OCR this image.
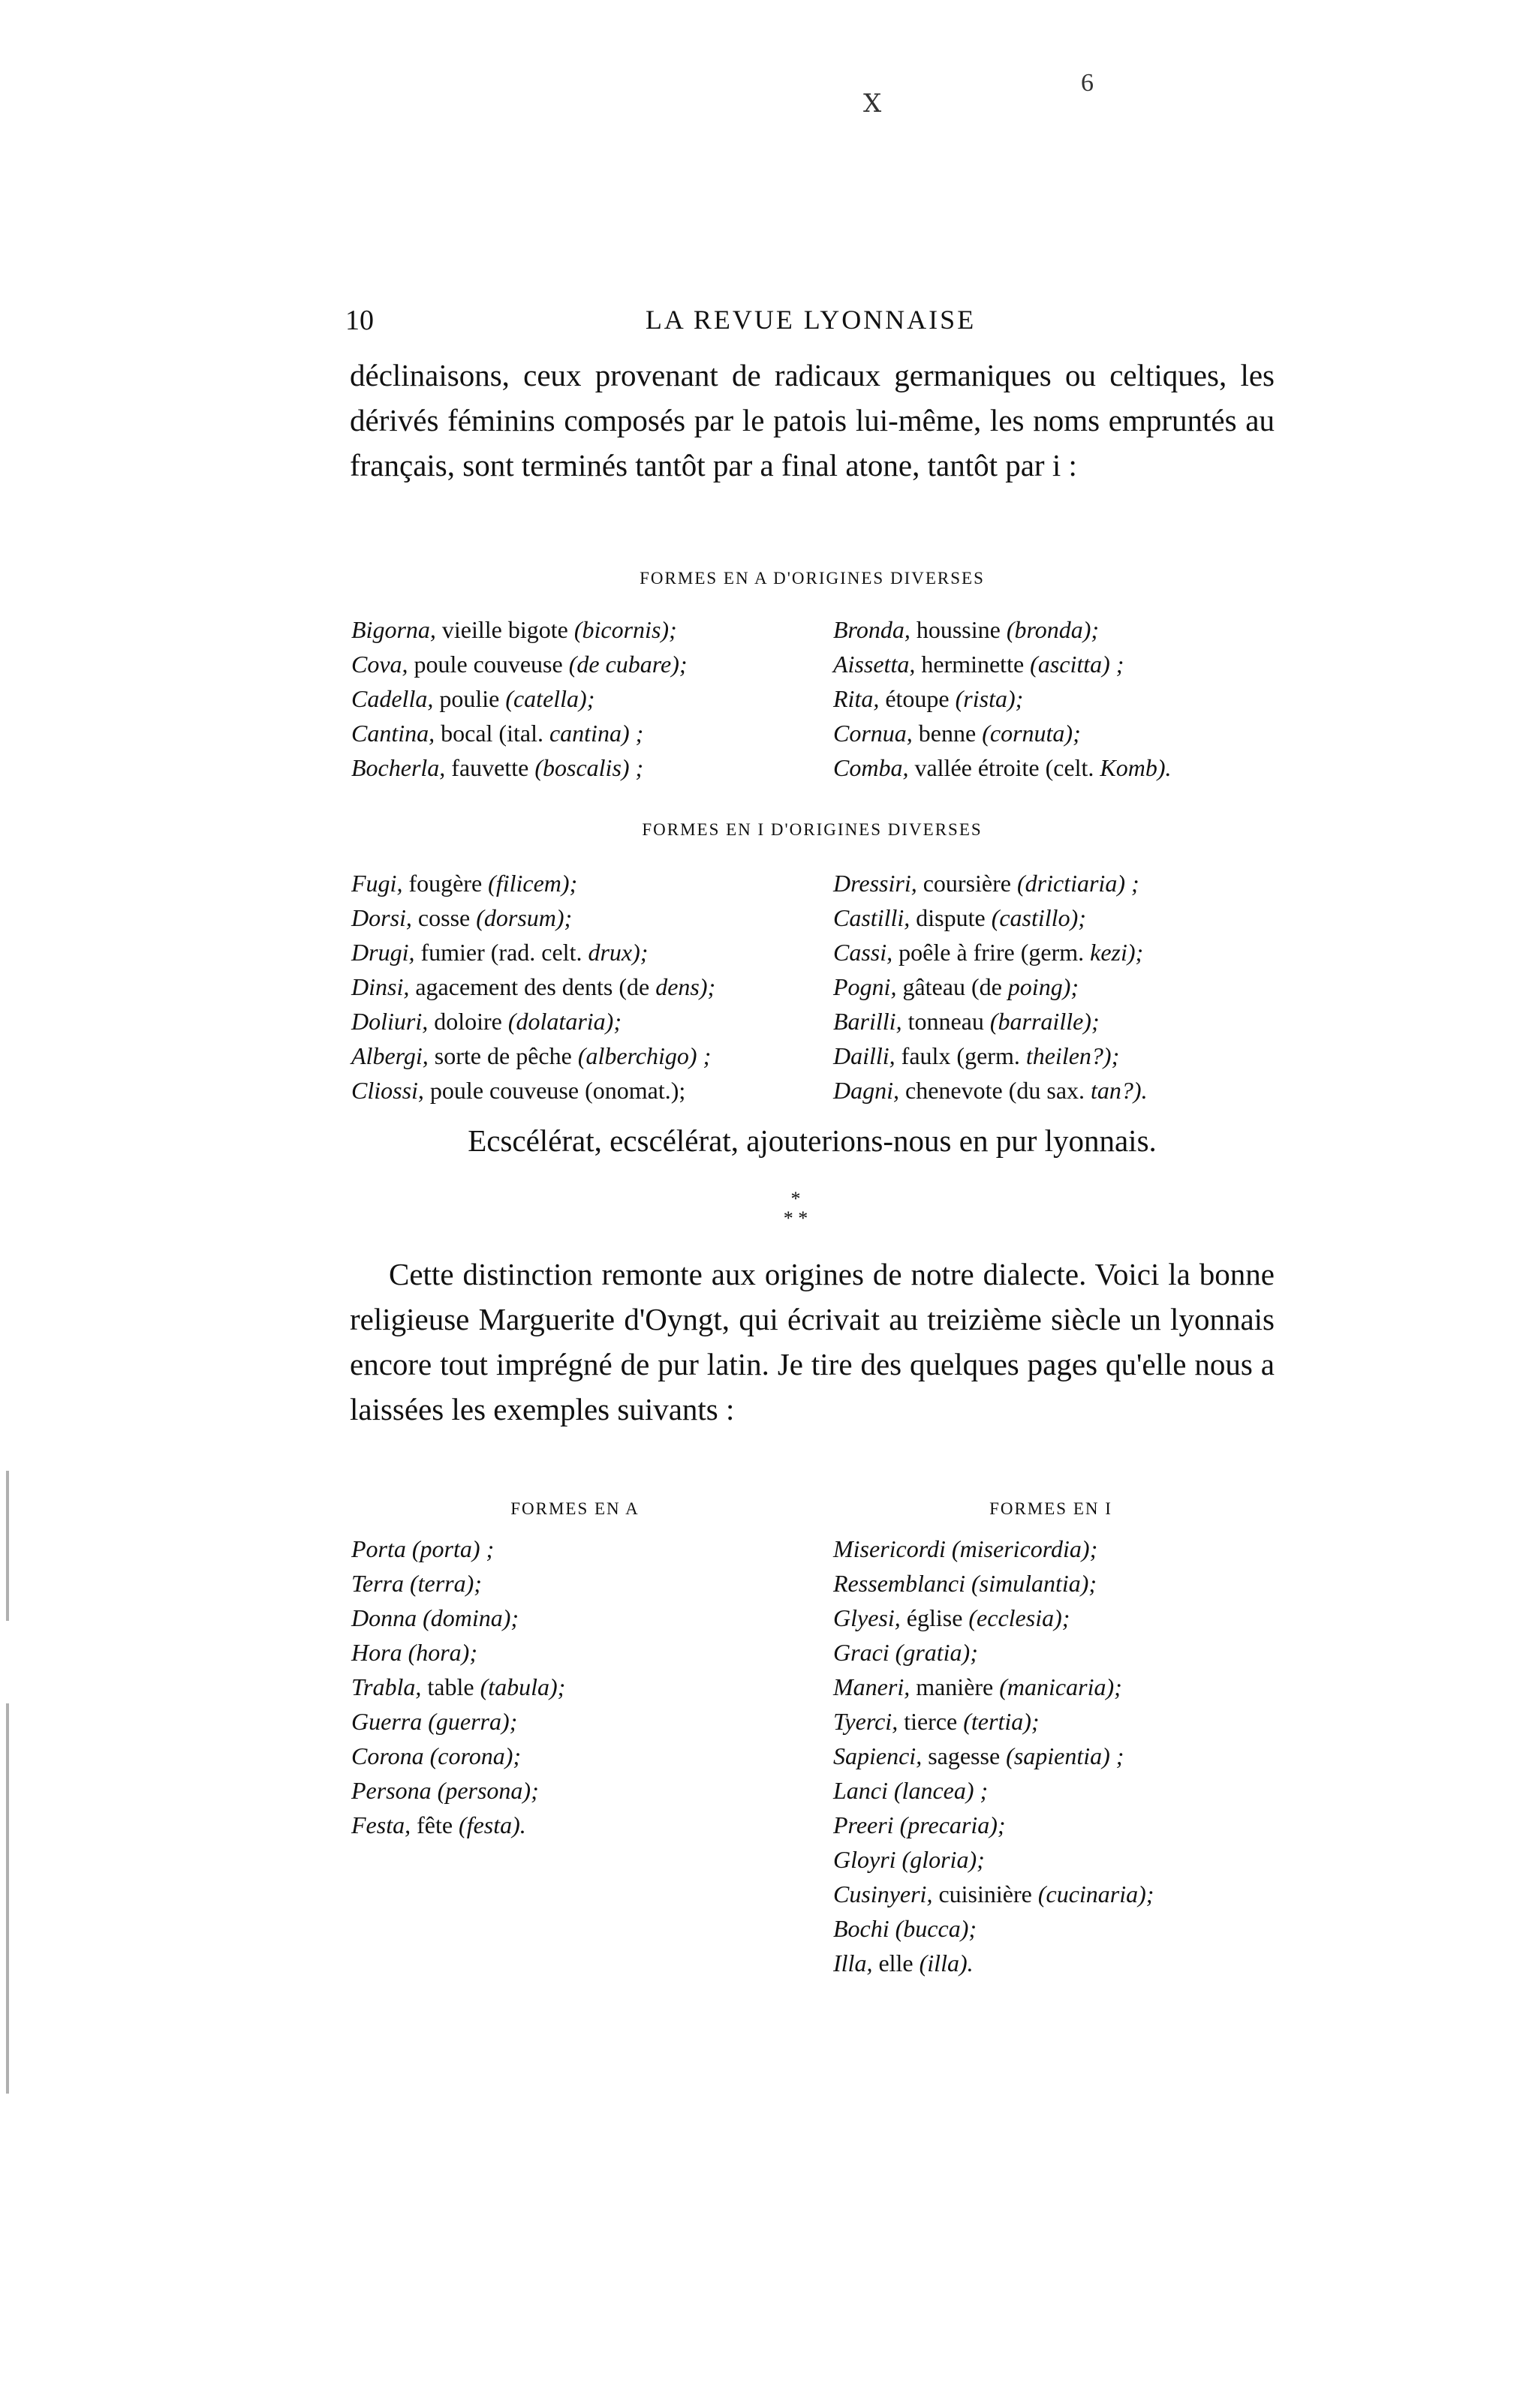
Ⅹ
6
10	LA REVUE LYONNAISE

déclinaisons, ceux provenant de radicaux germaniques ou celtiques, les dérivés féminins composés par le patois lui-même, les noms empruntés au français, sont terminés tantôt par a final atone, tantôt par i :

FORMES EN A D'ORIGINES DIVERSES
Bigorna, vieille bigote (bicornis);
Cova, poule couveuse (de cubare);
Cadella, poulie (catella);
Cantina, bocal (ital. cantina) ;
Bocherla, fauvette (boscalis) ;
Bronda, houssine (bronda);
Aissetta, herminette (ascitta) ;
Rita, étoupe (rista);
Cornua, benne (cornuta);
Comba, vallée étroite (celt. Komb).
FORMES EN I D'ORIGINES DIVERSES
Fugi, fougère (filicem);
Dorsi, cosse (dorsum);
Drugi, fumier (rad. celt. drux);
Dinsi, agacement des dents (de dens);
Doliuri, doloire (dolataria);
Albergi, sorte de pêche (alberchigo) ;
Cliossi, poule couveuse (onomat.);
Dressiri, coursière (drictiaria) ;
Castilli, dispute (castillo);
Cassi, poêle à frire (germ. kezi);
Pogni, gâteau (de poing);
Barilli, tonneau (barraille);
Dailli, faulx (germ. theilen?);
Dagni, chenevote (du sax. tan?).

Ecscélérat, ecscélérat, ajouterions-nous en pur lyonnais.

*
* *

Cette distinction remonte aux origines de notre dialecte. Voici la bonne religieuse Marguerite d'Oyngt, qui écrivait au treizième siècle un lyonnais encore tout imprégné de pur latin. Je tire des quelques pages qu'elle nous a laissées les exemples suivants :

FORMES EN A	FORMES EN I
Porta (porta) ;
Terra (terra);
Donna (domina);
Hora (hora);
Trabla, table (tabula);
Guerra (guerra);
Corona (corona);
Persona (persona);
Festa, fête (festa).
Misericordi (misericordia);
Ressemblanci (simulantia);
Glyesi, église (ecclesia);
Graci (gratia);
Maneri, manière (manicaria);
Tyerci, tierce (tertia);
Sapienci, sagesse (sapientia) ;
Lanci (lancea) ;
Preeri (precaria);
Gloyri (gloria);
Cusinyeri, cuisinière (cucinaria);
Bochi (bucca);
Illa, elle (illa).
